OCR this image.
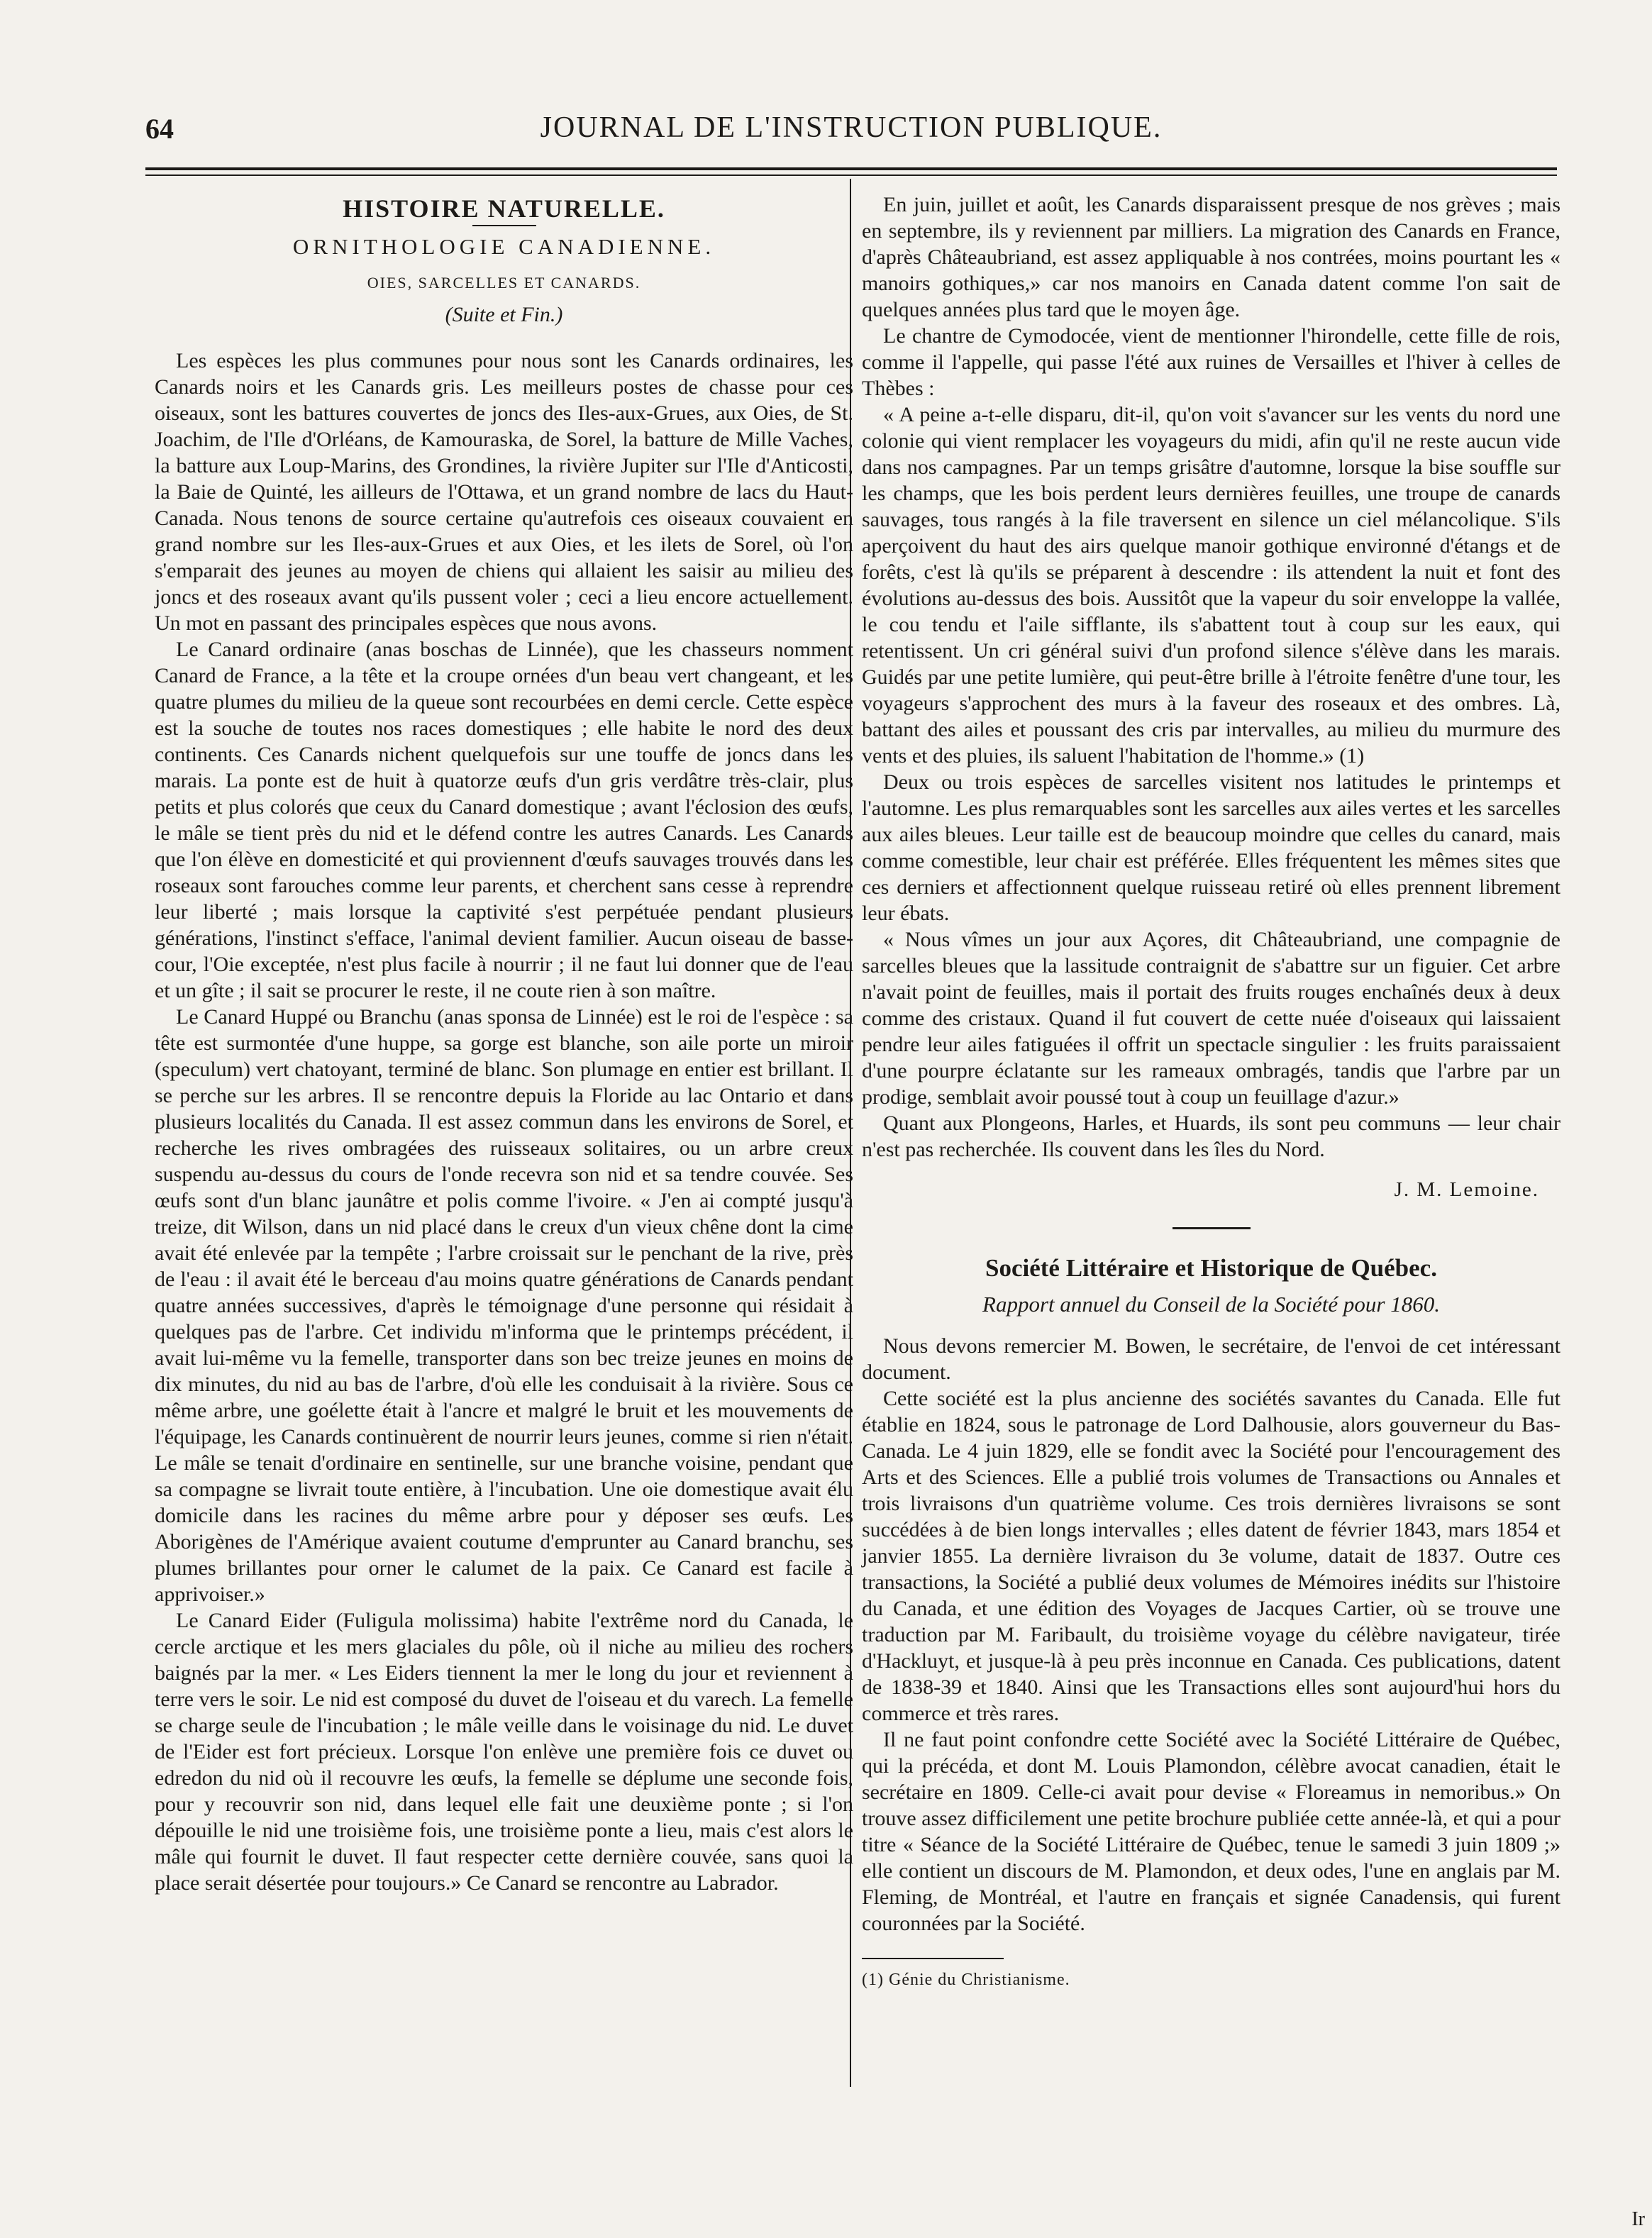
64	JOURNAL DE L'INSTRUCTION PUBLIQUE.
HISTOIRE NATURELLE.
ORNITHOLOGIE CANADIENNE.
OIES, SARCELLES ET CANARDS.
(Suite et Fin.)

Les espèces les plus communes pour nous sont les Canards ordinaires, les Canards noirs et les Canards gris. Les meilleurs postes de chasse pour ces oiseaux, sont les battures couvertes de joncs des Iles-aux-Grues, aux Oies, de St. Joachim, de l'Ile d'Orléans, de Kamouraska, de Sorel, la batture de Mille Vaches, la batture aux Loup-Marins, des Grondines, la rivière Jupiter sur l'Ile d'Anticosti, la Baie de Quinté, les ailleurs de l'Ottawa, et un grand nombre de lacs du Haut-Canada. Nous tenons de source certaine qu'autrefois ces oiseaux couvaient en grand nombre sur les Iles-aux-Grues et aux Oies, et les ilets de Sorel, où l'on s'emparait des jeunes au moyen de chiens qui allaient les saisir au milieu des joncs et des roseaux avant qu'ils pussent voler ; ceci a lieu encore actuellement. Un mot en passant des principales espèces que nous avons.

Le Canard ordinaire (anas boschas de Linnée), que les chasseurs nomment Canard de France, a la tête et la croupe ornées d'un beau vert changeant, et les quatre plumes du milieu de la queue sont recourbées en demi cercle. Cette espèce est la souche de toutes nos races domestiques ; elle habite le nord des deux continents. Ces Canards nichent quelquefois sur une touffe de joncs dans les marais. La ponte est de huit à quatorze œufs d'un gris verdâtre très-clair, plus petits et plus colorés que ceux du Canard domestique ; avant l'éclosion des œufs, le mâle se tient près du nid et le défend contre les autres Canards. Les Canards que l'on élève en domesticité et qui proviennent d'œufs sauvages trouvés dans les roseaux sont farouches comme leur parents, et cherchent sans cesse à reprendre leur liberté ; mais lorsque la captivité s'est perpétuée pendant plusieurs générations, l'instinct s'efface, l'animal devient familier. Aucun oiseau de basse-cour, l'Oie exceptée, n'est plus facile à nourrir ; il ne faut lui donner que de l'eau et un gîte ; il sait se procurer le reste, il ne coute rien à son maître.

Le Canard Huppé ou Branchu (anas sponsa de Linnée) est le roi de l'espèce : sa tête est surmontée d'une huppe, sa gorge est blanche, son aile porte un miroir (speculum) vert chatoyant, terminé de blanc. Son plumage en entier est brillant. Il se perche sur les arbres. Il se rencontre depuis la Floride au lac Ontario et dans plusieurs localités du Canada. Il est assez commun dans les environs de Sorel, et recherche les rives ombragées des ruisseaux solitaires, ou un arbre creux suspendu au-dessus du cours de l'onde recevra son nid et sa tendre couvée. Ses œufs sont d'un blanc jaunâtre et polis comme l'ivoire. « J'en ai compté jusqu'à treize, dit Wilson, dans un nid placé dans le creux d'un vieux chêne dont la cime avait été enlevée par la tempête ; l'arbre croissait sur le penchant de la rive, près de l'eau : il avait été le berceau d'au moins quatre générations de Canards pendant quatre années successives, d'après le témoignage d'une personne qui résidait à quelques pas de l'arbre. Cet individu m'informa que le printemps précédent, il avait lui-même vu la femelle, transporter dans son bec treize jeunes en moins de dix minutes, du nid au bas de l'arbre, d'où elle les conduisait à la rivière. Sous ce même arbre, une goélette était à l'ancre et malgré le bruit et les mouvements de l'équipage, les Canards continuèrent de nourrir leurs jeunes, comme si rien n'était. Le mâle se tenait d'ordinaire en sentinelle, sur une branche voisine, pendant que sa compagne se livrait toute entière, à l'incubation. Une oie domestique avait élu domicile dans les racines du même arbre pour y déposer ses œufs. Les Aborigènes de l'Amérique avaient coutume d'emprunter au Canard branchu, ses plumes brillantes pour orner le calumet de la paix. Ce Canard est facile à apprivoiser.»

Le Canard Eider (Fuligula molissima) habite l'extrême nord du Canada, le cercle arctique et les mers glaciales du pôle, où il niche au milieu des rochers baignés par la mer. « Les Eiders tiennent la mer le long du jour et reviennent à terre vers le soir. Le nid est composé du duvet de l'oiseau et du varech. La femelle se charge seule de l'incubation ; le mâle veille dans le voisinage du nid. Le duvet de l'Eider est fort précieux. Lorsque l'on enlève une première fois ce duvet ou edredon du nid où il recouvre les œufs, la femelle se déplume une seconde fois, pour y recouvrir son nid, dans lequel elle fait une deuxième ponte ; si l'on dépouille le nid une troisième fois, une troisième ponte a lieu, mais c'est alors le mâle qui fournit le duvet. Il faut respecter cette dernière couvée, sans quoi la place serait désertée pour toujours.» Ce Canard se rencontre au Labrador.

En juin, juillet et août, les Canards disparaissent presque de nos grèves ; mais en septembre, ils y reviennent par milliers. La migration des Canards en France, d'après Châteaubriand, est assez appliquable à nos contrées, moins pourtant les « manoirs gothiques,» car nos manoirs en Canada datent comme l'on sait de quelques années plus tard que le moyen âge.

Le chantre de Cymodocée, vient de mentionner l'hirondelle, cette fille de rois, comme il l'appelle, qui passe l'été aux ruines de Versailles et l'hiver à celles de Thèbes :

« A peine a-t-elle disparu, dit-il, qu'on voit s'avancer sur les vents du nord une colonie qui vient remplacer les voyageurs du midi, afin qu'il ne reste aucun vide dans nos campagnes. Par un temps grisâtre d'automne, lorsque la bise souffle sur les champs, que les bois perdent leurs dernières feuilles, une troupe de canards sauvages, tous rangés à la file traversent en silence un ciel mélancolique. S'ils aperçoivent du haut des airs quelque manoir gothique environné d'étangs et de forêts, c'est là qu'ils se préparent à descendre : ils attendent la nuit et font des évolutions au-dessus des bois. Aussitôt que la vapeur du soir enveloppe la vallée, le cou tendu et l'aile sifflante, ils s'abattent tout à coup sur les eaux, qui retentissent. Un cri général suivi d'un profond silence s'élève dans les marais. Guidés par une petite lumière, qui peut-être brille à l'étroite fenêtre d'une tour, les voyageurs s'approchent des murs à la faveur des roseaux et des ombres. Là, battant des ailes et poussant des cris par intervalles, au milieu du murmure des vents et des pluies, ils saluent l'habitation de l'homme.» (1)

Deux ou trois espèces de sarcelles visitent nos latitudes le printemps et l'automne. Les plus remarquables sont les sarcelles aux ailes vertes et les sarcelles aux ailes bleues. Leur taille est de beaucoup moindre que celles du canard, mais comme comestible, leur chair est préférée. Elles fréquentent les mêmes sites que ces derniers et affectionnent quelque ruisseau retiré où elles prennent librement leur ébats.

« Nous vîmes un jour aux Açores, dit Châteaubriand, une compagnie de sarcelles bleues que la lassitude contraignit de s'abattre sur un figuier. Cet arbre n'avait point de feuilles, mais il portait des fruits rouges enchaînés deux à deux comme des cristaux. Quand il fut couvert de cette nuée d'oiseaux qui laissaient pendre leur ailes fatiguées il offrit un spectacle singulier : les fruits paraissaient d'une pourpre éclatante sur les rameaux ombragés, tandis que l'arbre par un prodige, semblait avoir poussé tout à coup un feuillage d'azur.»

Quant aux Plongeons, Harles, et Huards, ils sont peu communs — leur chair n'est pas recherchée. Ils couvent dans les îles du Nord.

J. M. Lemoine.
Société Littéraire et Historique de Québec.
Rapport annuel du Conseil de la Société pour 1860.

Nous devons remercier M. Bowen, le secrétaire, de l'envoi de cet intéressant document.

Cette société est la plus ancienne des sociétés savantes du Canada. Elle fut établie en 1824, sous le patronage de Lord Dalhousie, alors gouverneur du Bas-Canada. Le 4 juin 1829, elle se fondit avec la Société pour l'encouragement des Arts et des Sciences. Elle a publié trois volumes de Transactions ou Annales et trois livraisons d'un quatrième volume. Ces trois dernières livraisons se sont succédées à de bien longs intervalles ; elles datent de février 1843, mars 1854 et janvier 1855. La dernière livraison du 3e volume, datait de 1837. Outre ces transactions, la Société a publié deux volumes de Mémoires inédits sur l'histoire du Canada, et une édition des Voyages de Jacques Cartier, où se trouve une traduction par M. Faribault, du troisième voyage du célèbre navigateur, tirée d'Hackluyt, et jusque-là à peu près inconnue en Canada. Ces publications, datent de 1838-39 et 1840. Ainsi que les Transactions elles sont aujourd'hui hors du commerce et très rares.

Il ne faut point confondre cette Société avec la Société Littéraire de Québec, qui la précéda, et dont M. Louis Plamondon, célèbre avocat canadien, était le secrétaire en 1809. Celle-ci avait pour devise « Floreamus in nemoribus.» On trouve assez difficilement une petite brochure publiée cette année-là, et qui a pour titre « Séance de la Société Littéraire de Québec, tenue le samedi 3 juin 1809 ;» elle contient un discours de M. Plamondon, et deux odes, l'une en anglais par M. Fleming, de Montréal, et l'autre en français et signée Canadensis, qui furent couronnées par la Société.

(1) Génie du Christianisme.
Ir
